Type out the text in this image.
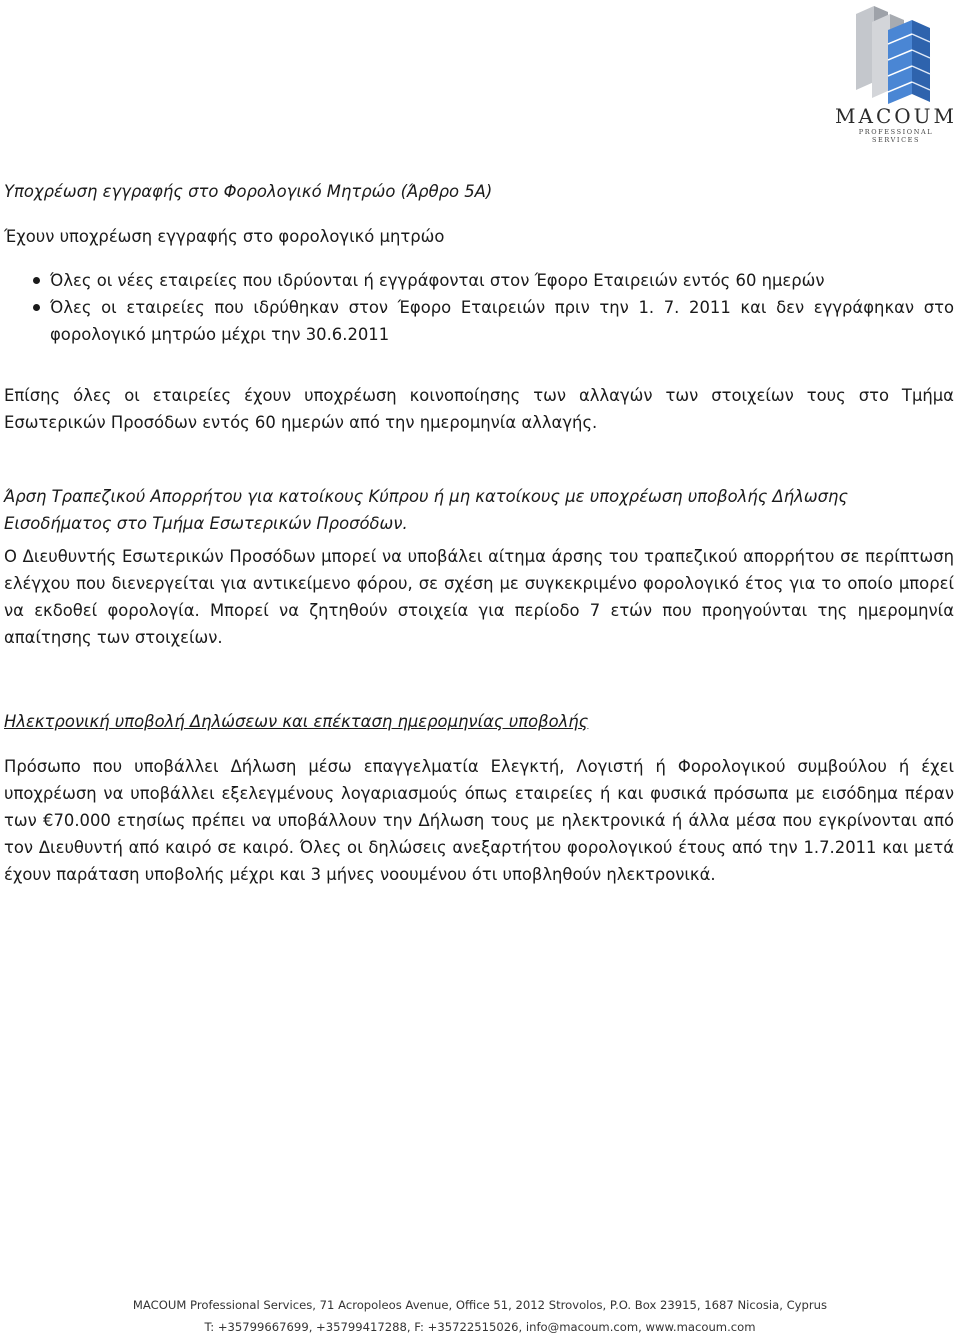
MACOUM
PROFESSIONAL SERVICES

Υποχρέωση εγγραφής στο Φορολογικό Μητρώο (Άρθρο 5Α)

Έχουν υποχρέωση εγγραφής στο φορολογικό μητρώο

Όλες οι νέες εταιρείες που ιδρύονται ή εγγράφονται στον Έφορο Εταιρειών εντός 60 ημερών
Όλες οι εταιρείες που ιδρύθηκαν στον Έφορο Εταιρειών πριν την 1. 7. 2011 και δεν εγγράφηκαν στο φορολογικό μητρώο μέχρι την 30.6.2011

Επίσης όλες οι εταιρείες έχουν υποχρέωση κοινοποίησης των αλλαγών των στοιχείων τους στο Τμήμα Εσωτερικών Προσόδων εντός 60 ημερών από την ημερομηνία αλλαγής.

Άρση Τραπεζικού Απορρήτου για κατοίκους Κύπρου ή μη κατοίκους με υποχρέωση υποβολής Δήλωσης Εισοδήματος στο Τμήμα Εσωτερικών Προσόδων.

Ο Διευθυντής Εσωτερικών Προσόδων μπορεί να υποβάλει αίτημα άρσης του τραπεζικού απορρήτου σε περίπτωση ελέγχου που διενεργείται για αντικείμενο φόρου, σε σχέση με συγκεκριμένο φορολογικό έτος για το οποίο μπορεί να εκδοθεί φορολογία. Μπορεί να ζητηθούν στοιχεία για περίοδο 7 ετών που προηγούνται της ημερομηνία απαίτησης των στοιχείων.

Ηλεκτρονική υποβολή Δηλώσεων και επέκταση ημερομηνίας υποβολής

Πρόσωπο που υποβάλλει Δήλωση μέσω επαγγελματία Ελεγκτή, Λογιστή ή Φορολογικού συμβούλου ή έχει υποχρέωση να υποβάλλει εξελεγμένους λογαριασμούς όπως εταιρείες ή και φυσικά πρόσωπα με εισόδημα πέραν των €70.000 ετησίως πρέπει να υποβάλλουν την Δήλωση τους με ηλεκτρονικά ή άλλα μέσα που εγκρίνονται από τον Διευθυντή από καιρό σε καιρό. Όλες οι δηλώσεις ανεξαρτήτου φορολογικού έτους από την 1.7.2011 και μετά έχουν παράταση υποβολής μέχρι και 3 μήνες νοουμένου ότι υποβληθούν ηλεκτρονικά.

MACOUM Professional Services, 71 Acropoleos Avenue, Office 51, 2012 Strovolos, P.O. Box 23915, 1687 Nicosia, Cyprus
T: +35799667699, +35799417288, F: +35722515026, info@macoum.com, www.macoum.com
